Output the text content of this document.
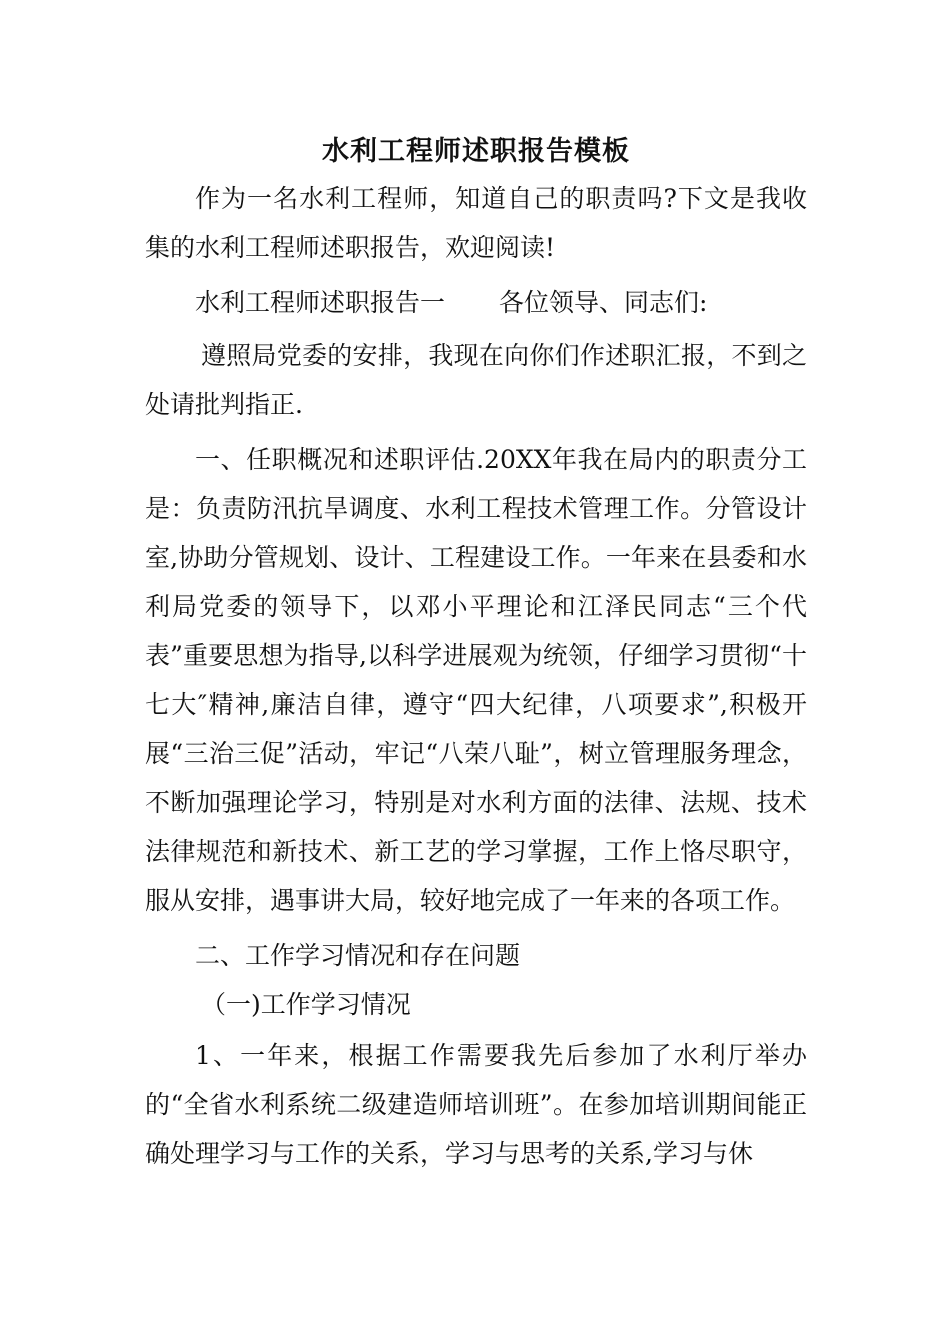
水利工程师述职报告模板

作为一名水利工程师，知道自己的职责吗?下文是我收集的水利工程师述职报告，欢迎阅读!

水利工程师述职报告一 各位领导、同志们:

遵照局党委的安排，我现在向你们作述职汇报，不到之处请批判指正.

一、任职概况和述职评估.20XX年我在局内的职责分工是：负责防汛抗旱调度、水利工程技术管理工作。分管设计室,协助分管规划、设计、工程建设工作。一年来在县委和水利局党委的领导下，以邓小平理论和江泽民同志“三个代表”重要思想为指导,以科学进展观为统领，仔细学习贯彻“十七大″精神,廉洁自律，遵守“四大纪律，八项要求”,积极开展“三治三促”活动，牢记“八荣八耻”，树立管理服务理念，不断加强理论学习，特别是对水利方面的法律、法规、技术法律规范和新技术、新工艺的学习掌握，工作上恪尽职守，服从安排，遇事讲大局，较好地完成了一年来的各项工作。

二、工作学习情况和存在问题

（一)工作学习情况

1、一年来，根据工作需要我先后参加了水利厅举办的“全省水利系统二级建造师培训班”。在参加培训期间能正确处理学习与工作的关系，学习与思考的关系,学习与休
